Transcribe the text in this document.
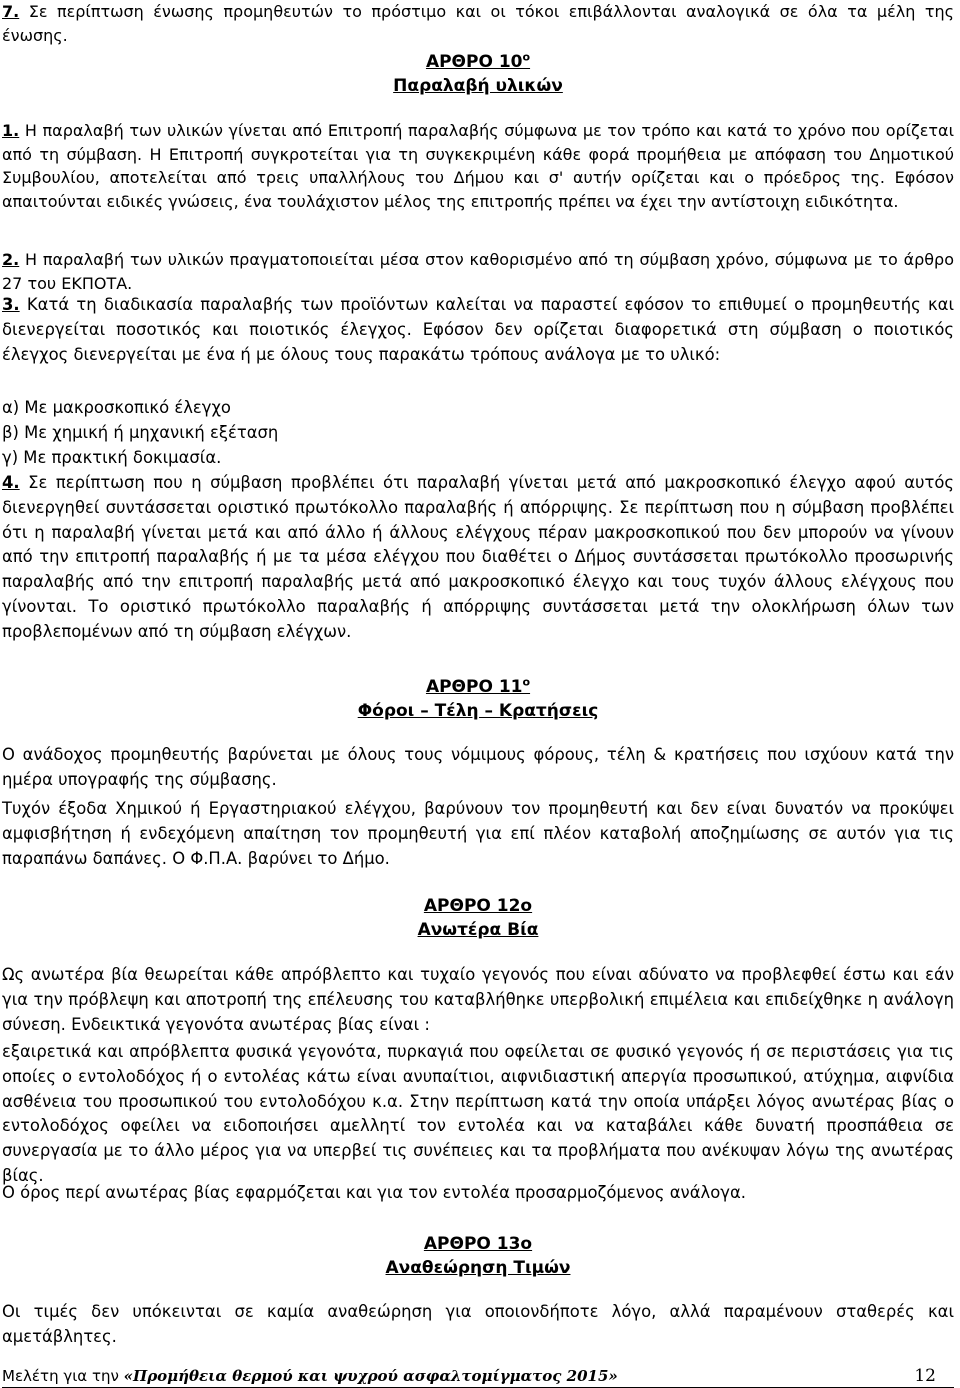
7. Σε περίπτωση ένωσης προμηθευτών το πρόστιμο και οι τόκοι επιβάλλονται αναλογικά σε όλα τα μέλη της ένωσης.

ΑΡΘΡΟ $10^o$
Παραλαβή υλικών

1. Η παραλαβή των υλικών γίνεται από Επιτροπή παραλαβής σύμφωνα με τον τρόπο και κατά το χρόνο που ορίζεται από τη σύμβαση. Η Επιτροπή συγκροτείται για τη συγκεκριμένη κάθε φορά προμήθεια με απόφαση του Δημοτικού Συμβουλίου, αποτελείται από τρεις υπαλλήλους του Δήμου και σ' αυτήν ορίζεται και ο πρόεδρος της. Εφόσον απαιτούνται ειδικές γνώσεις, ένα τουλάχιστον μέλος της επιτροπής πρέπει να έχει την αντίστοιχη ειδικότητα.

2. Η παραλαβή των υλικών πραγματοποιείται μέσα στον καθορισμένο από τη σύμβαση χρόνο, σύμφωνα με το άρθρο 27 του ΕΚΠΟΤΑ.

3. Κατά τη διαδικασία παραλαβής των προϊόντων καλείται να παραστεί εφόσον το επιθυμεί ο προμηθευτής και διενεργείται ποσοτικός και ποιοτικός έλεγχος. Εφόσον δεν ορίζεται διαφορετικά στη σύμβαση ο ποιοτικός έλεγχος διενεργείται με ένα ή με όλους τους παρακάτω τρόπους ανάλογα με το υλικό:

α) Με μακροσκοπικό έλεγχο

β) Με χημική ή μηχανική εξέταση

γ) Με πρακτική δοκιμασία.

4. Σε περίπτωση που η σύμβαση προβλέπει ότι παραλαβή γίνεται μετά από μακροσκοπικό έλεγχο αφού αυτός διενεργηθεί συντάσσεται οριστικό πρωτόκολλο παραλαβής ή απόρριψης. Σε περίπτωση που η σύμβαση προβλέπει ότι η παραλαβή γίνεται μετά και από άλλο ή άλλους ελέγχους πέραν μακροσκοπικού που δεν μπορούν να γίνουν από την επιτροπή παραλαβής ή με τα μέσα ελέγχου που διαθέτει ο Δήμος συντάσσεται πρωτόκολλο προσωρινής παραλαβής από την επιτροπή παραλαβής μετά από μακροσκοπικό έλεγχο και τους τυχόν άλλους ελέγχους που γίνονται. Το οριστικό πρωτόκολλο παραλαβής ή απόρριψης συντάσσεται μετά την ολοκλήρωση όλων των προβλεπομένων από τη σύμβαση ελέγχων.

ΑΡΘΡΟ $11^o$
Φόροι – Τέλη – Κρατήσεις

Ο ανάδοχος προμηθευτής βαρύνεται με όλους τους νόμιμους φόρους, τέλη & κρατήσεις που ισχύουν κατά την ημέρα υπογραφής της σύμβασης.

Τυχόν έξοδα Χημικού ή Εργαστηριακού ελέγχου, βαρύνουν τον προμηθευτή και δεν είναι δυνατόν να προκύψει αμφισβήτηση ή ενδεχόμενη απαίτηση τον προμηθευτή για επί πλέον καταβολή αποζημίωσης σε αυτόν για τις παραπάνω δαπάνες. Ο Φ.Π.Α. βαρύνει το Δήμο.

ΑΡΘΡΟ 12ο
Ανωτέρα Βία

Ως ανωτέρα βία θεωρείται κάθε απρόβλεπτο και τυχαίο γεγονός που είναι αδύνατο να προβλεφθεί έστω και εάν για την πρόβλεψη και αποτροπή της επέλευσης του καταβλήθηκε υπερβολική επιμέλεια και επιδείχθηκε η ανάλογη σύνεση. Ενδεικτικά γεγονότα ανωτέρας βίας είναι :

εξαιρετικά και απρόβλεπτα φυσικά γεγονότα, πυρκαγιά που οφείλεται σε φυσικό γεγονός ή σε περιστάσεις για τις οποίες ο εντολοδόχος ή ο εντολέας κάτω είναι ανυπαίτιοι, αιφνιδιαστική απεργία προσωπικού, ατύχημα, αιφνίδια ασθένεια του προσωπικού του εντολοδόχου κ.α. Στην περίπτωση κατά την οποία υπάρξει λόγος ανωτέρας βίας ο εντολοδόχος οφείλει να ειδοποιήσει αμελλητί τον εντολέα και να καταβάλει κάθε δυνατή προσπάθεια σε συνεργασία με το άλλο μέρος για να υπερβεί τις συνέπειες και τα προβλήματα που ανέκυψαν λόγω της ανωτέρας βίας.

Ο όρος περί ανωτέρας βίας εφαρμόζεται και για τον εντολέα προσαρμοζόμενος ανάλογα.

ΑΡΘΡΟ 13ο
Αναθεώρηση Τιμών

Οι τιμές δεν υπόκεινται σε καμία αναθεώρηση για οποιονδήποτε λόγο, αλλά παραμένουν σταθερές και αμετάβλητες.

Μελέτη για την «Προμήθεια θερμού και ψυχρού ασφαλτομίγματος 2015»	12
